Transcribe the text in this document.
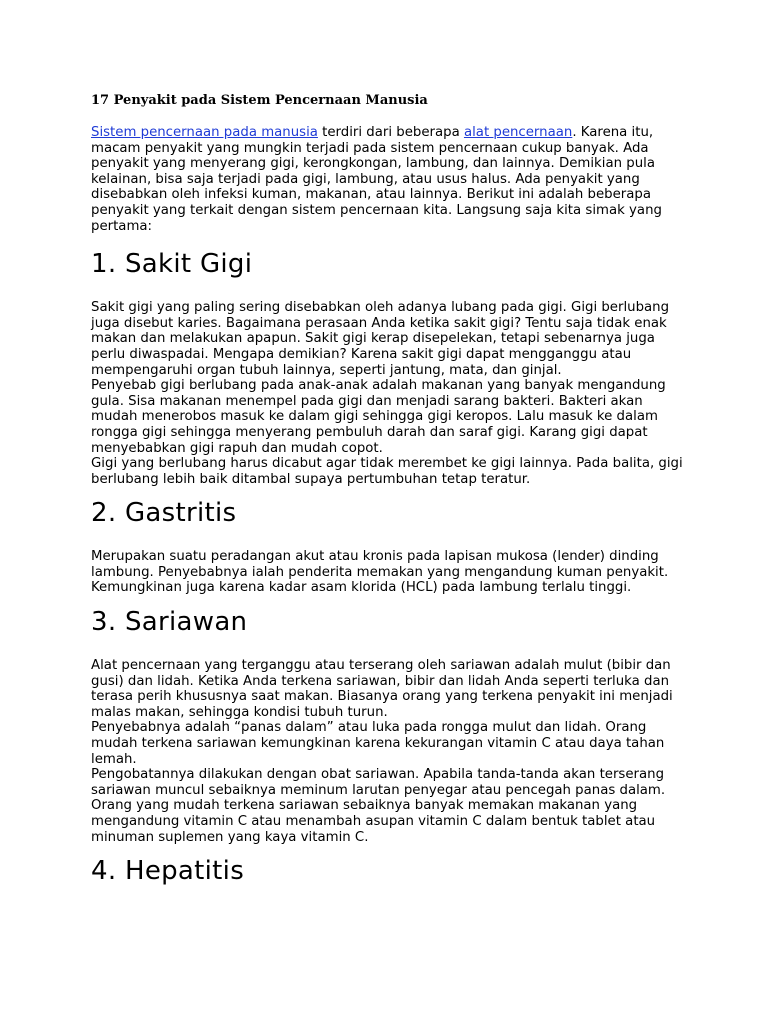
17 Penyakit pada Sistem Pencernaan Manusia

Sistem pencernaan pada manusia terdiri dari beberapa alat pencernaan. Karena itu, macam penyakit yang mungkin terjadi pada sistem pencernaan cukup banyak. Ada penyakit yang menyerang gigi, kerongkongan, lambung, dan lainnya. Demikian pula kelainan, bisa saja terjadi pada gigi, lambung, atau usus halus. Ada penyakit yang disebabkan oleh infeksi kuman, makanan, atau lainnya. Berikut ini adalah beberapa penyakit yang terkait dengan sistem pencernaan kita. Langsung saja kita simak yang pertama:

1. Sakit Gigi

Sakit gigi yang paling sering disebabkan oleh adanya lubang pada gigi. Gigi berlubang juga disebut karies. Bagaimana perasaan Anda ketika sakit gigi? Tentu saja tidak enak makan dan melakukan apapun. Sakit gigi kerap disepelekan, tetapi sebenarnya juga perlu diwaspadai. Mengapa demikian? Karena sakit gigi dapat mengganggu atau mempengaruhi organ tubuh lainnya, seperti jantung, mata, dan ginjal.

Penyebab gigi berlubang pada anak-anak adalah makanan yang banyak mengandung gula. Sisa makanan menempel pada gigi dan menjadi sarang bakteri. Bakteri akan mudah menerobos masuk ke dalam gigi sehingga gigi keropos. Lalu masuk ke dalam rongga gigi sehingga menyerang pembuluh darah dan saraf gigi. Karang gigi dapat menyebabkan gigi rapuh dan mudah copot.

Gigi yang berlubang harus dicabut agar tidak merembet ke gigi lainnya. Pada balita, gigi berlubang lebih baik ditambal supaya pertumbuhan tetap teratur.

2. Gastritis

Merupakan suatu peradangan akut atau kronis pada lapisan mukosa (lender) dinding lambung. Penyebabnya ialah penderita memakan yang mengandung kuman penyakit. Kemungkinan juga karena kadar asam klorida (HCL) pada lambung terlalu tinggi.

3. Sariawan

Alat pencernaan yang terganggu atau terserang oleh sariawan adalah mulut (bibir dan gusi) dan lidah. Ketika Anda terkena sariawan, bibir dan lidah Anda seperti terluka dan terasa perih khususnya saat makan. Biasanya orang yang terkena penyakit ini menjadi malas makan, sehingga kondisi tubuh turun.

Penyebabnya adalah “panas dalam” atau luka pada rongga mulut dan lidah. Orang mudah terkena sariawan kemungkinan karena kekurangan vitamin C atau daya tahan lemah.

Pengobatannya dilakukan dengan obat sariawan. Apabila tanda-tanda akan terserang sariawan muncul sebaiknya meminum larutan penyegar atau pencegah panas dalam. Orang yang mudah terkena sariawan sebaiknya banyak memakan makanan yang mengandung vitamin C atau menambah asupan vitamin C dalam bentuk tablet atau minuman suplemen yang kaya vitamin C.

4. Hepatitis
